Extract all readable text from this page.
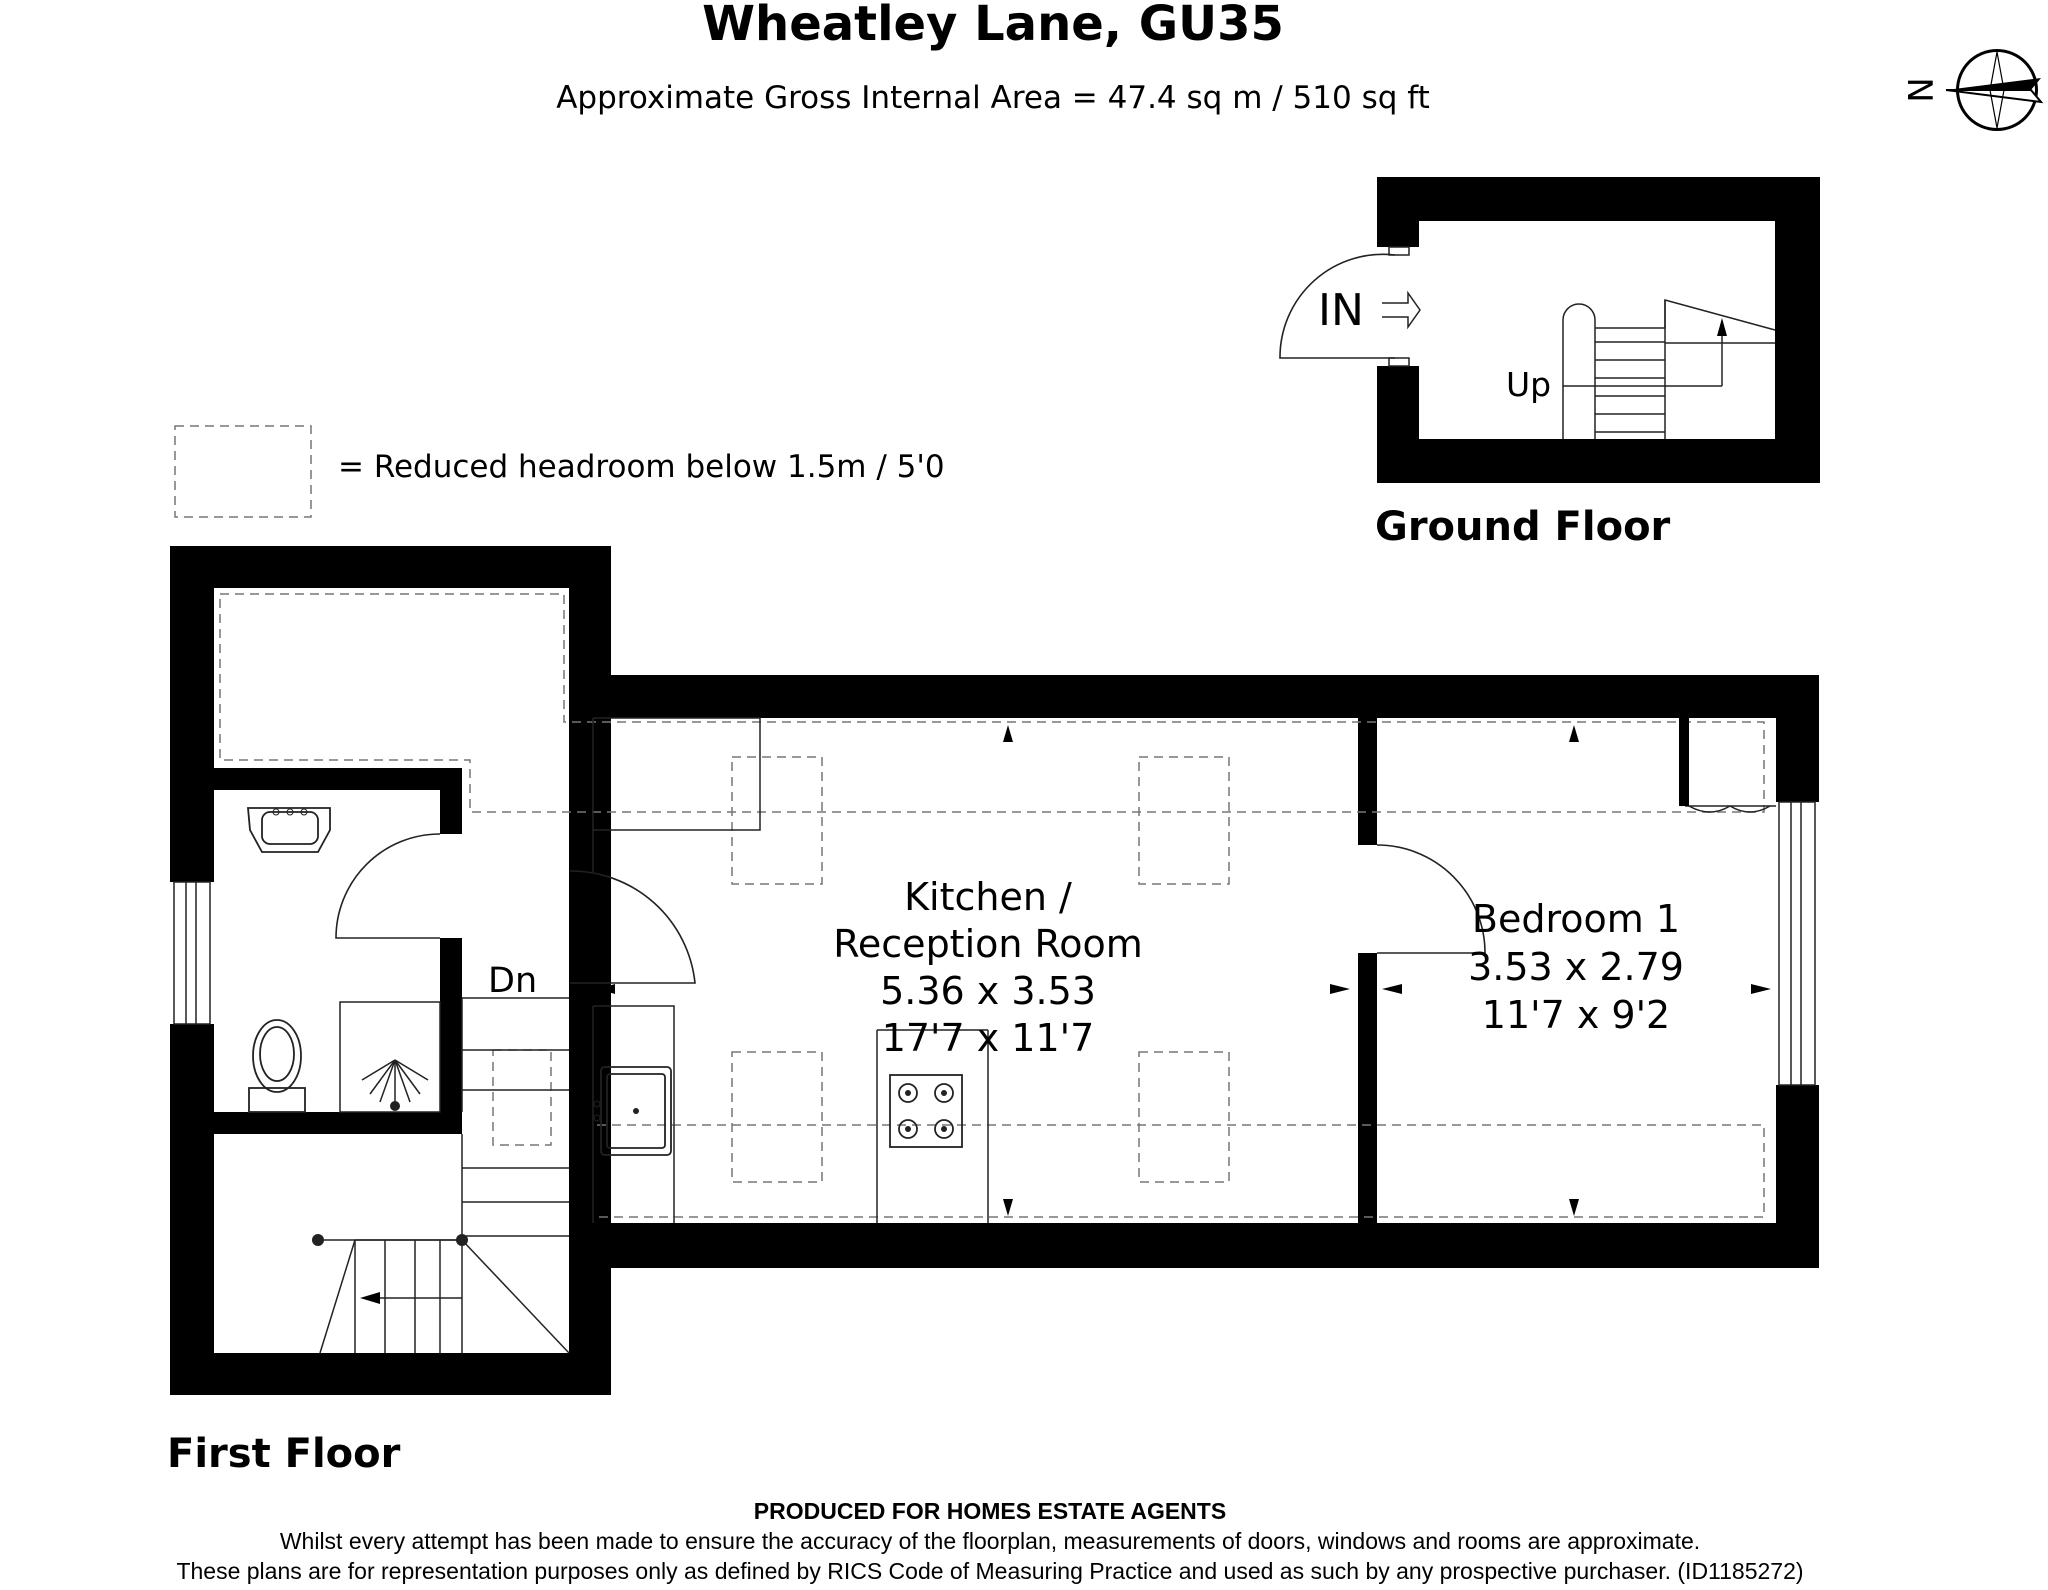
Wheatley Lane, GU35
Approximate Gross Internal Area = 47.4 sq m / 510 sq ft	N
= Reduced headroom below 1.5m / 5'0
IN
Up
Ground Floor
Kitchen /
Reception Room
5.36 x 3.53
17'7 x 11'7
Bedroom 1
3.53 x 2.79
11'7 x 9'2
Dn
First Floor
PRODUCED FOR HOMES ESTATE AGENTS
Whilst every attempt has been made to ensure the accuracy of the floorplan, measurements of doors, windows and rooms are approximate.
These plans are for representation purposes only as defined by RICS Code of Measuring Practice and used as such by any prospective purchaser. (ID1185272)
